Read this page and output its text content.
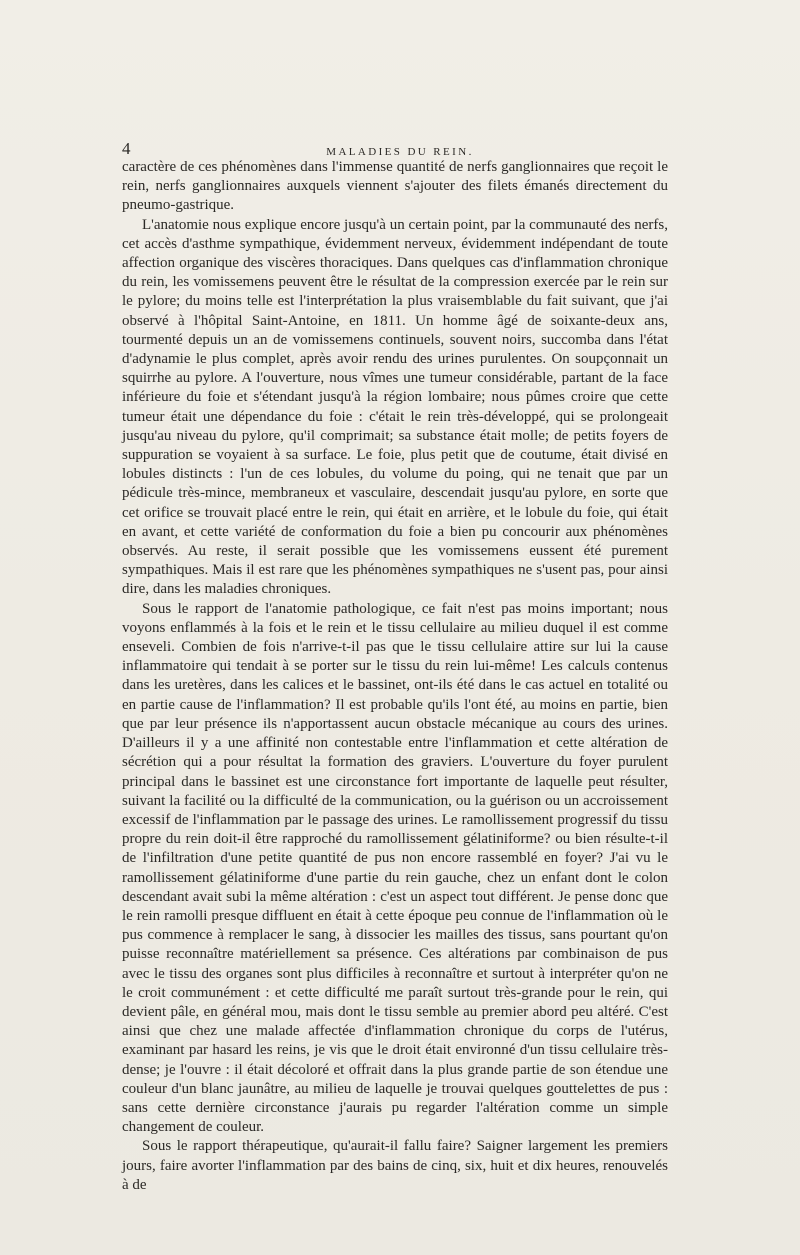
4	MALADIES DU REIN.

caractère de ces phénomènes dans l'immense quantité de nerfs ganglionnaires que reçoit le rein, nerfs ganglionnaires auxquels viennent s'ajouter des filets émanés directement du pneumo-gastrique.

L'anatomie nous explique encore jusqu'à un certain point, par la communauté des nerfs, cet accès d'asthme sympathique, évidemment nerveux, évidemment indépendant de toute affection organique des viscères thoraciques. Dans quelques cas d'inflammation chronique du rein, les vomissemens peuvent être le résultat de la compression exercée par le rein sur le pylore; du moins telle est l'interprétation la plus vraisemblable du fait suivant, que j'ai observé à l'hôpital Saint-Antoine, en 1811. Un homme âgé de soixante-deux ans, tourmenté depuis un an de vomissemens continuels, souvent noirs, succomba dans l'état d'adynamie le plus complet, après avoir rendu des urines purulentes. On soupçonnait un squirrhe au pylore. A l'ouverture, nous vîmes une tumeur considérable, partant de la face inférieure du foie et s'étendant jusqu'à la région lombaire; nous pûmes croire que cette tumeur était une dépendance du foie : c'était le rein très-développé, qui se prolongeait jusqu'au niveau du pylore, qu'il comprimait; sa substance était molle; de petits foyers de suppuration se voyaient à sa surface. Le foie, plus petit que de coutume, était divisé en lobules distincts : l'un de ces lobules, du volume du poing, qui ne tenait que par un pédicule très-mince, membraneux et vasculaire, descendait jusqu'au pylore, en sorte que cet orifice se trouvait placé entre le rein, qui était en arrière, et le lobule du foie, qui était en avant, et cette variété de conformation du foie a bien pu concourir aux phénomènes observés. Au reste, il serait possible que les vomissemens eussent été purement sympathiques. Mais il est rare que les phénomènes sympathiques ne s'usent pas, pour ainsi dire, dans les maladies chroniques.

Sous le rapport de l'anatomie pathologique, ce fait n'est pas moins important; nous voyons enflammés à la fois et le rein et le tissu cellulaire au milieu duquel il est comme enseveli. Combien de fois n'arrive-t-il pas que le tissu cellulaire attire sur lui la cause inflammatoire qui tendait à se porter sur le tissu du rein lui-même! Les calculs contenus dans les uretères, dans les calices et le bassinet, ont-ils été dans le cas actuel en totalité ou en partie cause de l'inflammation? Il est probable qu'ils l'ont été, au moins en partie, bien que par leur présence ils n'apportassent aucun obstacle mécanique au cours des urines. D'ailleurs il y a une affinité non contestable entre l'inflammation et cette altération de sécrétion qui a pour résultat la formation des graviers. L'ouverture du foyer purulent principal dans le bassinet est une circonstance fort importante de laquelle peut résulter, suivant la facilité ou la difficulté de la communication, ou la guérison ou un accroissement excessif de l'inflammation par le passage des urines. Le ramollissement progressif du tissu propre du rein doit-il être rapproché du ramollissement gélatiniforme? ou bien résulte-t-il de l'infiltration d'une petite quantité de pus non encore rassemblé en foyer? J'ai vu le ramollissement gélatiniforme d'une partie du rein gauche, chez un enfant dont le colon descendant avait subi la même altération : c'est un aspect tout différent. Je pense donc que le rein ramolli presque diffluent en était à cette époque peu connue de l'inflammation où le pus commence à remplacer le sang, à dissocier les mailles des tissus, sans pourtant qu'on puisse reconnaître matériellement sa présence. Ces altérations par combinaison de pus avec le tissu des organes sont plus difficiles à reconnaître et surtout à interpréter qu'on ne le croit communément : et cette difficulté me paraît surtout très-grande pour le rein, qui devient pâle, en général mou, mais dont le tissu semble au premier abord peu altéré. C'est ainsi que chez une malade affectée d'inflammation chronique du corps de l'utérus, examinant par hasard les reins, je vis que le droit était environné d'un tissu cellulaire très-dense; je l'ouvre : il était décoloré et offrait dans la plus grande partie de son étendue une couleur d'un blanc jaunâtre, au milieu de laquelle je trouvai quelques gouttelettes de pus : sans cette dernière circonstance j'aurais pu regarder l'altération comme un simple changement de couleur.

Sous le rapport thérapeutique, qu'aurait-il fallu faire? Saigner largement les premiers jours, faire avorter l'inflammation par des bains de cinq, six, huit et dix heures, renouvelés à de
